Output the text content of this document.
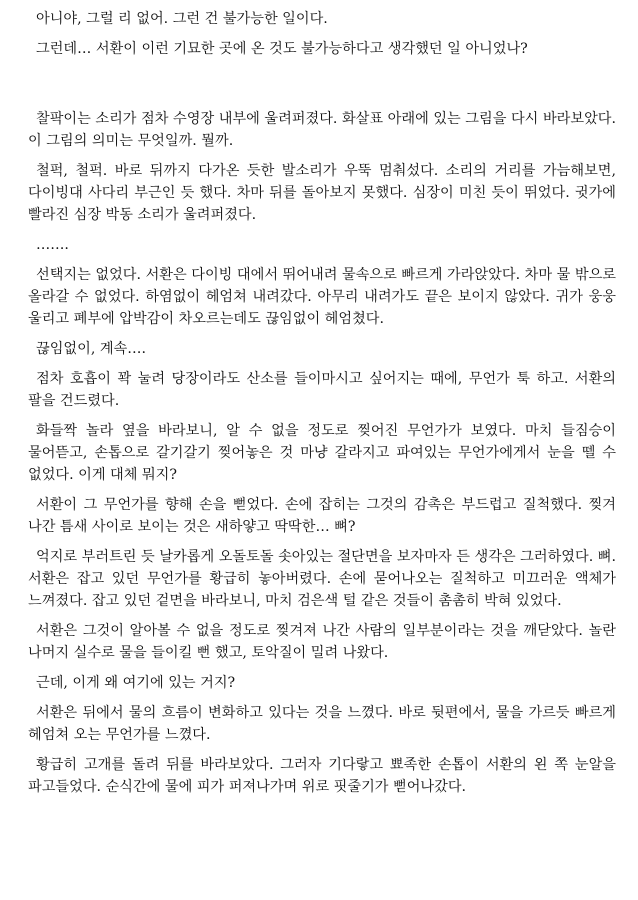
아니야, 그럴 리 없어. 그런 건 불가능한 일이다.

그런데… 서환이 이런 기묘한 곳에 온 것도 불가능하다고 생각했던 일 아니었나?

찰팍이는 소리가 점차 수영장 내부에 울려퍼졌다. 화살표 아래에 있는 그림을 다시 바라보았다. 이 그림의 의미는 무엇일까. 뭘까.

철퍽, 철퍽. 바로 뒤까지 다가온 듯한 발소리가 우뚝 멈춰섰다. 소리의 거리를 가늠해보면, 다이빙대 사다리 부근인 듯 했다. 차마 뒤를 돌아보지 못했다. 심장이 미친 듯이 뛰었다. 귓가에 빨라진 심장 박동 소리가 울려퍼졌다.

…….

선택지는 없었다. 서환은 다이빙 대에서 뛰어내려 물속으로 빠르게 가라앉았다. 차마 물 밖으로 올라갈 수 없었다. 하염없이 헤엄쳐 내려갔다. 아무리 내려가도 끝은 보이지 않았다. 귀가 웅웅 울리고 폐부에 압박감이 차오르는데도 끊임없이 헤엄쳤다.

끊임없이, 계속….

점차 호흡이 꽉 눌려 당장이라도 산소를 들이마시고 싶어지는 때에, 무언가 툭 하고. 서환의 팔을 건드렸다.

화들짝 놀라 옆을 바라보니, 알 수 없을 정도로 찢어진 무언가가 보였다. 마치 들짐승이 물어뜯고, 손톱으로 갈기갈기 찢어놓은 것 마냥 갈라지고 파여있는 무언가에게서 눈을 뗄 수 없었다. 이게 대체 뭐지?

서환이 그 무언가를 향해 손을 뻗었다. 손에 잡히는 그것의 감촉은 부드럽고 질척했다. 찢겨 나간 틈새 사이로 보이는 것은 새하얗고 딱딱한… 뼈?

억지로 부러트린 듯 날카롭게 오돌토돌 솟아있는 절단면을 보자마자 든 생각은 그러하였다. 뼈. 서환은 잡고 있던 무언가를 황급히 놓아버렸다. 손에 묻어나오는 질척하고 미끄러운 액체가 느껴졌다. 잡고 있던 겉면을 바라보니, 마치 검은색 털 같은 것들이 촘촘히 박혀 있었다.

서환은 그것이 알아볼 수 없을 정도로 찢겨져 나간 사람의 일부분이라는 것을 깨닫았다. 놀란 나머지 실수로 물을 들이킬 뻔 했고, 토악질이 밀려 나왔다.

근데, 이게 왜 여기에 있는 거지?

서환은 뒤에서 물의 흐름이 변화하고 있다는 것을 느꼈다. 바로 뒷편에서, 물을 가르듯 빠르게 헤엄쳐 오는 무언가를 느꼈다.

황급히 고개를 돌려 뒤를 바라보았다. 그러자 기다랗고 뾰족한 손톱이 서환의 왼 쪽 눈알을 파고들었다. 순식간에 물에 피가 퍼져나가며 위로 핏줄기가 뻗어나갔다.
